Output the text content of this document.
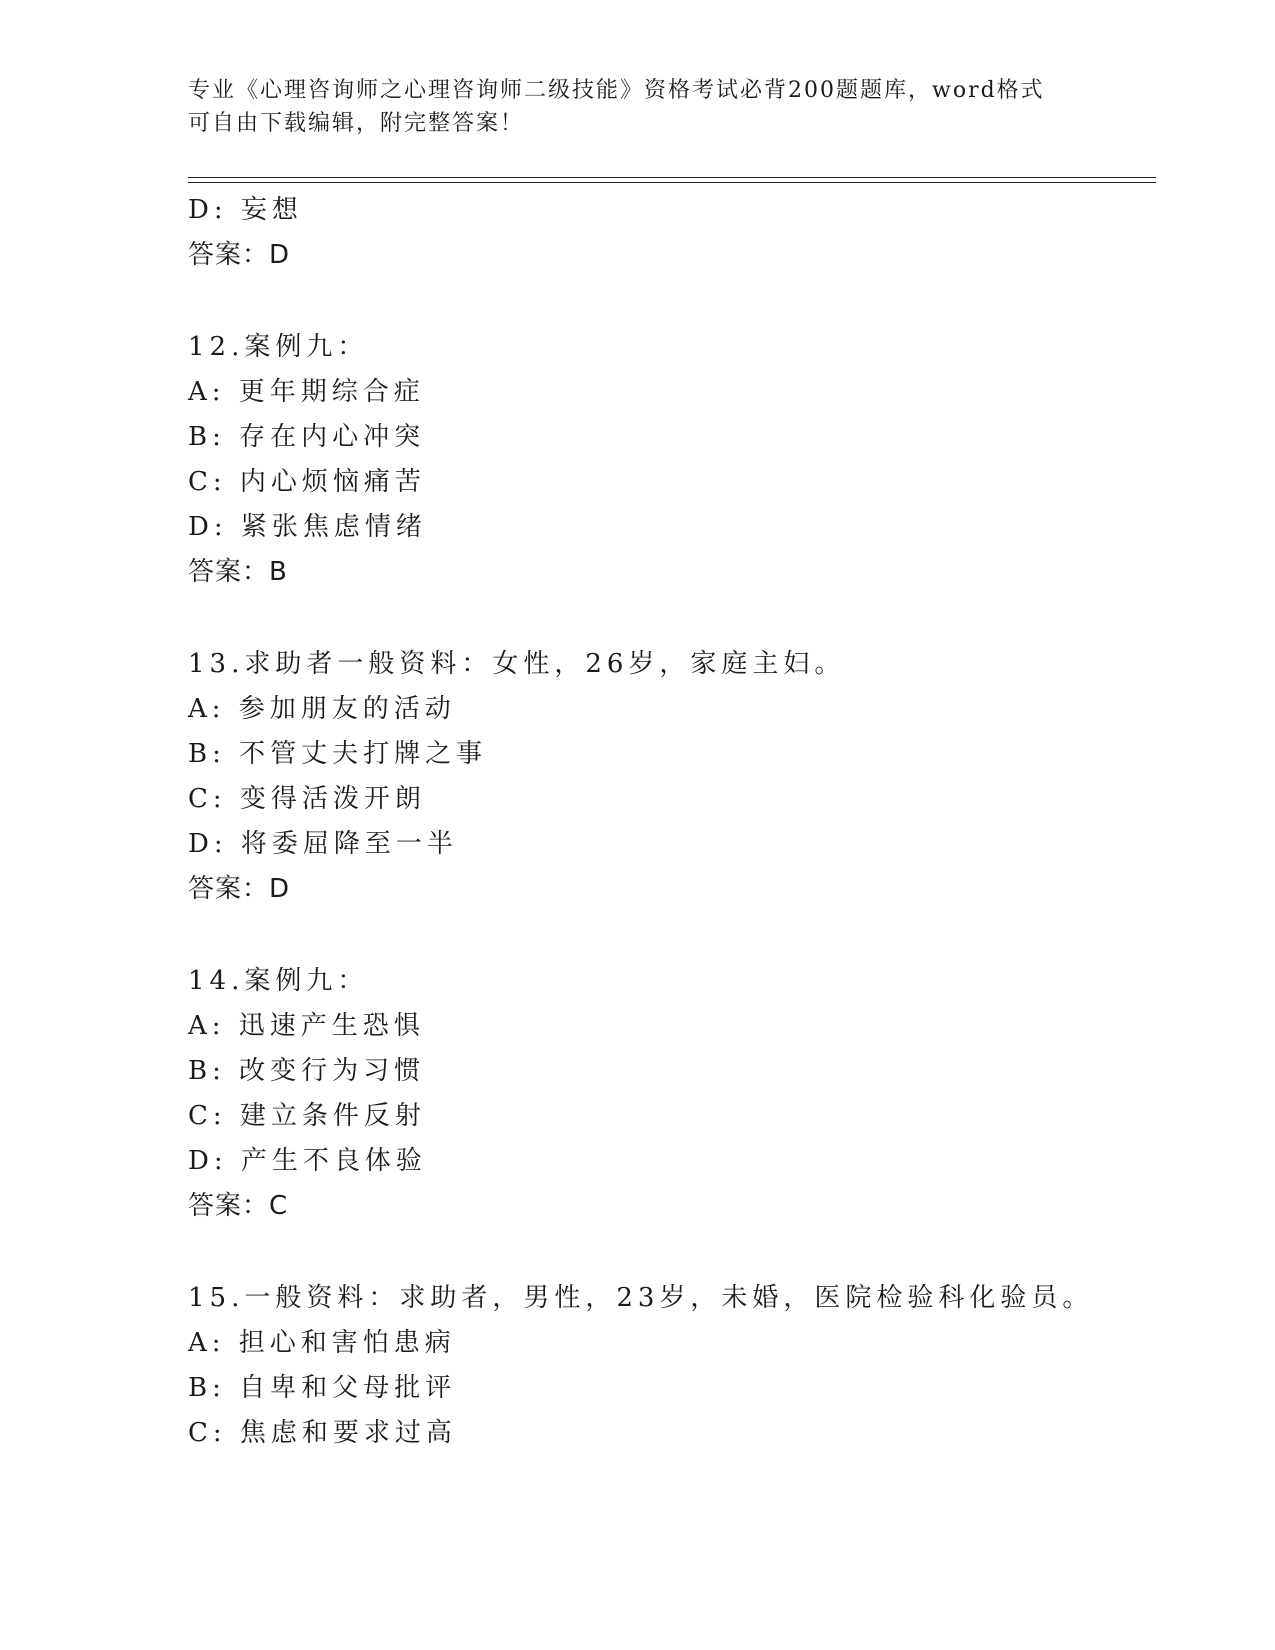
专业《心理咨询师之心理咨询师二级技能》资格考试必背200题题库，word格式
可自由下载编辑，附完整答案！
D: 妄想
答案：D
12.案例九：
A: 更年期综合症
B: 存在内心冲突
C: 内心烦恼痛苦
D: 紧张焦虑情绪
答案：B
13.求助者一般资料：女性，26岁，家庭主妇。
A: 参加朋友的活动
B: 不管丈夫打牌之事
C: 变得活泼开朗
D: 将委屈降至一半
答案：D
14.案例九：
A: 迅速产生恐惧
B: 改变行为习惯
C: 建立条件反射
D: 产生不良体验
答案：C
15.一般资料：求助者，男性，23岁，未婚，医院检验科化验员。
A: 担心和害怕患病
B: 自卑和父母批评
C: 焦虑和要求过高
